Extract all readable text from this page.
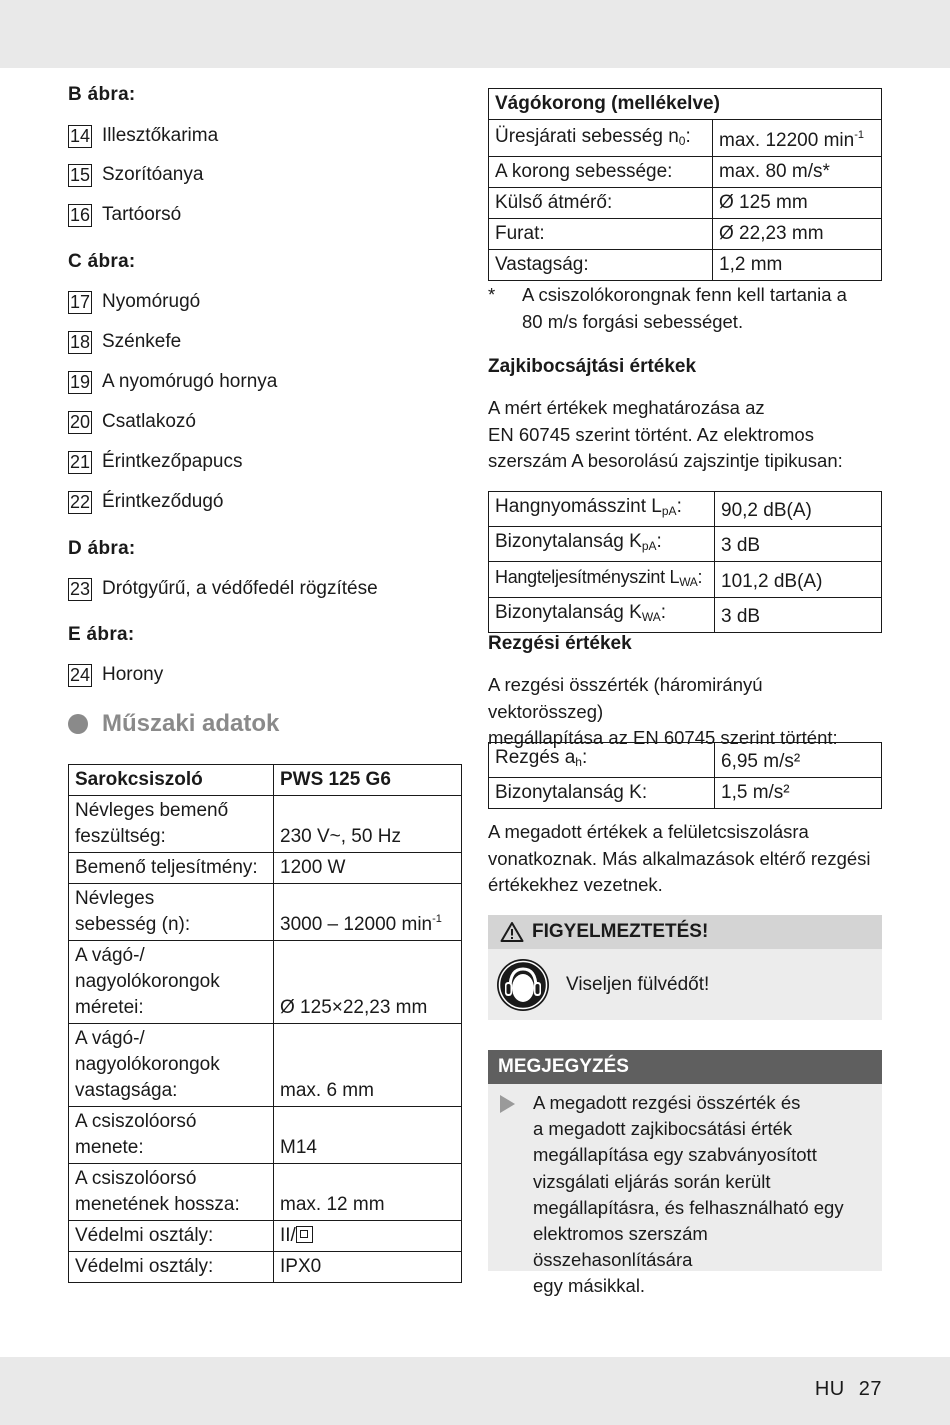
B ábra:
14 Illesztőkarima
15 Szorítóanya
16 Tartóorsó
C ábra:
17 Nyomórugó
18 Szénkefe
19 A nyomórugó hornya
20 Csatlakozó
21 Érintkezőpapucs
22 Érintkeződugó
D ábra:
23 Drótgyűrű, a védőfedél rögzítése
E ábra:
24 Horony
Műszaki adatok
Sarokcsiszoló	PWS 125 G6

Névleges bemenő
feszültség:	230 V~, 50 Hz
Bemenő teljesítmény:	1200 W

Névleges
sebesség (n):	3000 – 12000 $\min^{-1}$

A vágó-/
nagyolókorongok
méretei:	Ø 125×22,23 mm

A vágó-/
nagyolókorongok
vastagsága:	max. 6 mm
A csiszolóorsó menete:	M14

A csiszolóorsó
menetének hossza:	max. 12 mm
Védelmi osztály:	II/

Védelmi osztály:	IPX0
Vágókorong (mellékelve)	
Üresjárati sebesség $n_0$:	max. 12200 $\min^{-1}$
A korong sebessége:	max. 80 m/s*
Külső átmérő:	Ø 125 mm
Furat:	Ø 22,23 mm
Vastagság:	1,2 mm
*	A csiszolókorongnak fenn kell tartania a
80 m/s forgási sebességet.
Zajkibocsájtási értékek
A mért értékek meghatározása az
EN 60745 szerint történt. Az elektromos
szerszám A besorolású zajszintje tipikusan:
Hangnyomásszint $L_{pA}$:	90,2 dB(A)
Bizonytalanság $K_{pA}$:	3 dB
Hangteljesítményszint $L_{WA}$:	101,2 dB(A)
Bizonytalanság $K_{WA}$:	3 dB
Rezgési értékek
A rezgési összérték (háromirányú vektorösszeg)
megállapítása az EN 60745 szerint történt:
Rezgés $a_h$:	6,95 m/s²
Bizonytalanság K:	1,5 m/s²
A megadott értékek a felületcsiszolásra
vonatkoznak. Más alkalmazások eltérő rezgési
értékekhez vezetnek.
FIGYELMEZTETÉS!
Viseljen fülvédőt!
MEGJEGYZÉS
A megadott rezgési összérték és
a megadott zajkibocsátási érték
megállapítása egy szabványosított
vizsgálati eljárás során került
megállapításra, és felhasználható egy
elektromos szerszám összehasonlítására
egy másikkal.
HU 27
